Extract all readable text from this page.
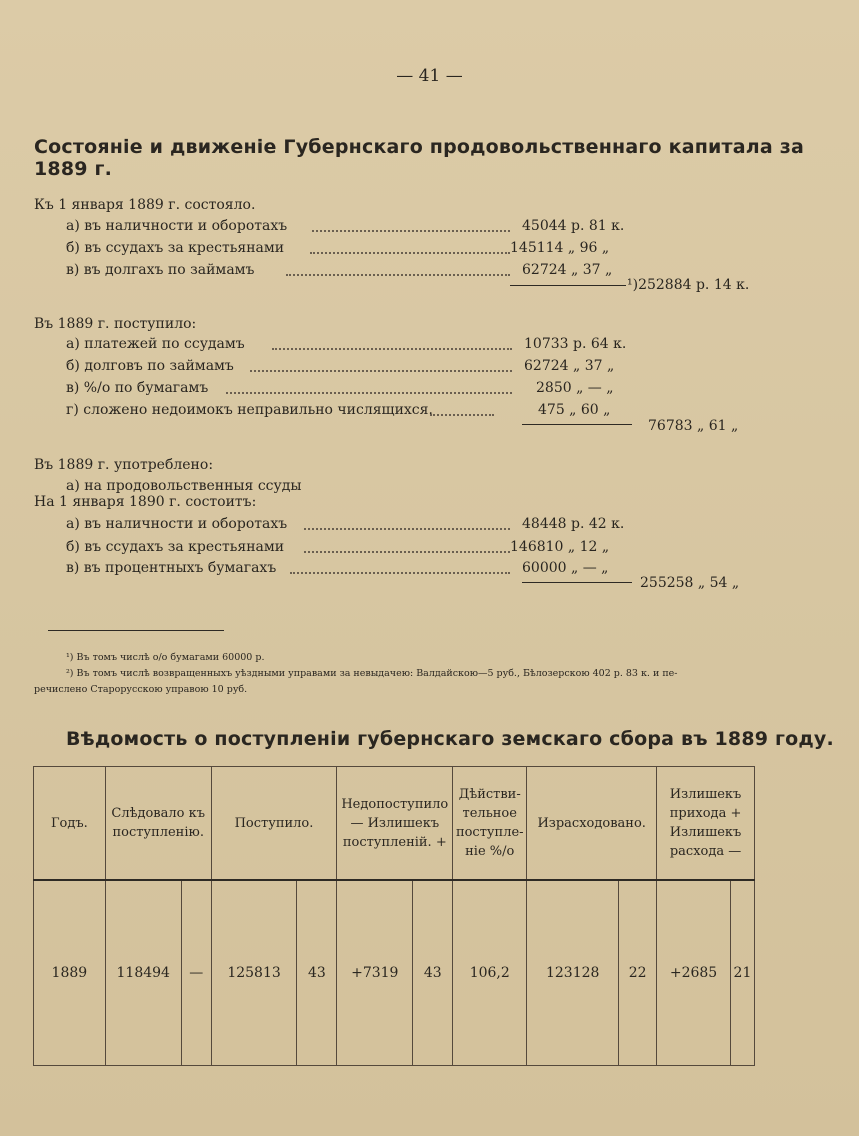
— 41 —
Состояніе и движеніе Губернскаго продовольственнаго капитала за 1889 г.
Къ 1 января 1889 г. состояло.
а) въ наличности и оборотахъ	45044 р. 81 к.
б) въ ссудахъ за крестьянами	145114 „ 96 „
в) въ долгахъ по займамъ	62724 „ 37 „
¹)252884 р. 14 к.
Въ 1889 г. поступило:
а) платежей по ссудамъ	10733 р. 64 к.
б) долговъ по займамъ	62724 „ 37 „
в) %/о по бумагамъ	2850 „ — „
г) сложено недоимокъ неправильно числящихся.	475 „ 60 „
76783 „ 61 „
Въ 1889 г. употреблено:
а) на продовольственныя ссуды
На 1 января 1890 г. состоитъ:
а) въ наличности и оборотахъ	48448 р. 42 к.
б) въ ссудахъ за крестьянами	146810 „ 12 „
в) въ процентныхъ бумагахъ	60000 „ — „
255258 „ 54 „
¹) Въ томъ числѣ о/о бумагами 60000 р.
²) Въ томъ числѣ возвращенныхъ уѣздными управами за невыдачею: Валдайскою—5 руб., Бѣлозерскою 402 р. 83 к. и пе-
речислено Старорусскою управою 10 руб.
Вѣдомость о поступленіи губернскаго земскаго сбора въ 1889 году.
Годъ.	Слѣдовало къ поступленію.		Поступило.		Недопоступило — Излишекъ поступленій. +		Дѣйстви-тельное поступле-ніе %/о	Израсходовано.		Излишекъ прихода + Излишекъ расхода —	
1889	118494	—	125813	43	+7319	43	106,2	123128	22	+2685	21
